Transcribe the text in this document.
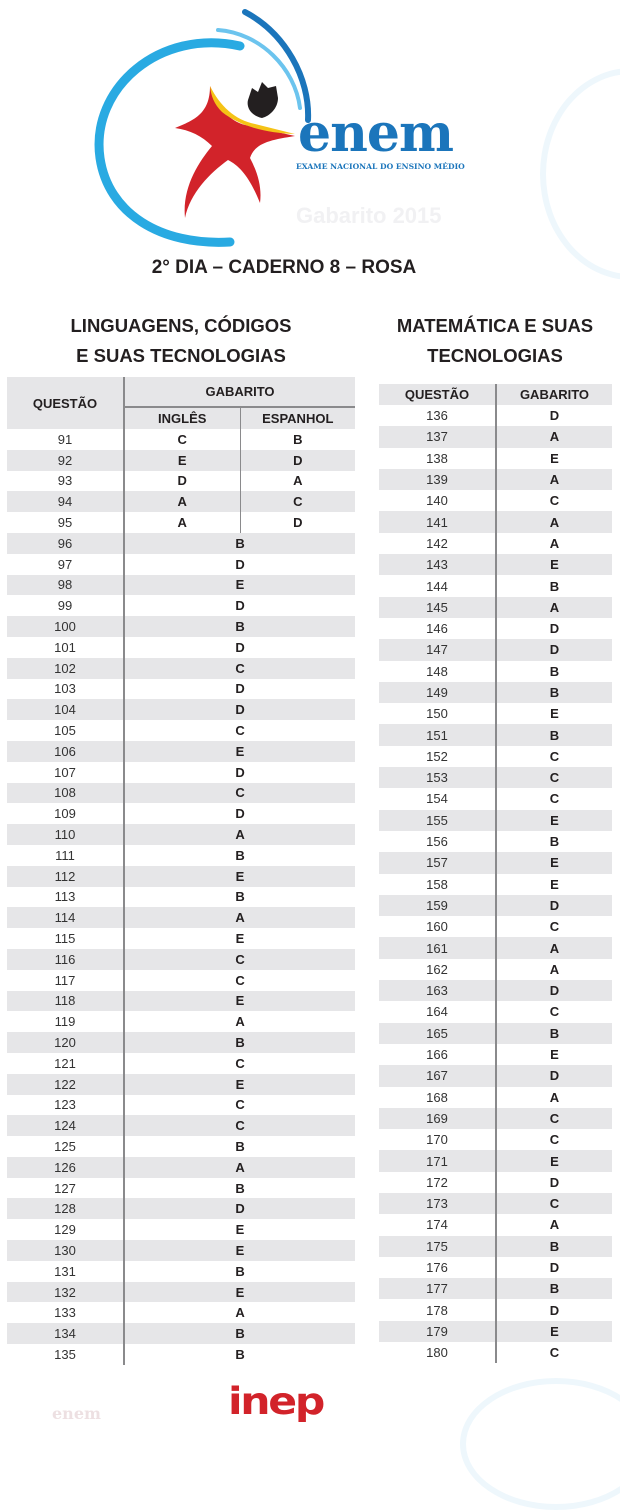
enem
enem
EXAME NACIONAL DO ENSINO MÉDIO
Gabarito 2015
2° DIA – CADERNO 8 – ROSA
LINGUAGENS, CÓDIGOS
E SUAS TECNOLOGIAS
MATEMÁTICA E SUAS
TECNOLOGIAS
QUESTÃO	GABARITO	
	INGLÊS	ESPANHOL
91	C	B
92	E	D
93	D	A
94	A	C
95	A	D
96	B	
97	D	
98	E	
99	D	
100	B	
101	D	
102	C	
103	D	
104	D	
105	C	
106	E	
107	D	
108	C	
109	D	
110	A	
111	B	
112	E	
113	B	
114	A	
115	E	
116	C	
117	C	
118	E	
119	A	
120	B	
121	C	
122	E	
123	C	
124	C	
125	B	
126	A	
127	B	
128	D	
129	E	
130	E	
131	B	
132	E	
133	A	
134	B	
135	B	
QUESTÃO	GABARITO
136	D
137	A
138	E
139	A
140	C
141	A
142	A
143	E
144	B
145	A
146	D
147	D
148	B
149	B
150	E
151	B
152	C
153	C
154	C
155	E
156	B
157	E
158	E
159	D
160	C
161	A
162	A
163	D
164	C
165	B
166	E
167	D
168	A
169	C
170	C
171	E
172	D
173	C
174	A
175	B
176	D
177	B
178	D
179	E
180	C
inep
